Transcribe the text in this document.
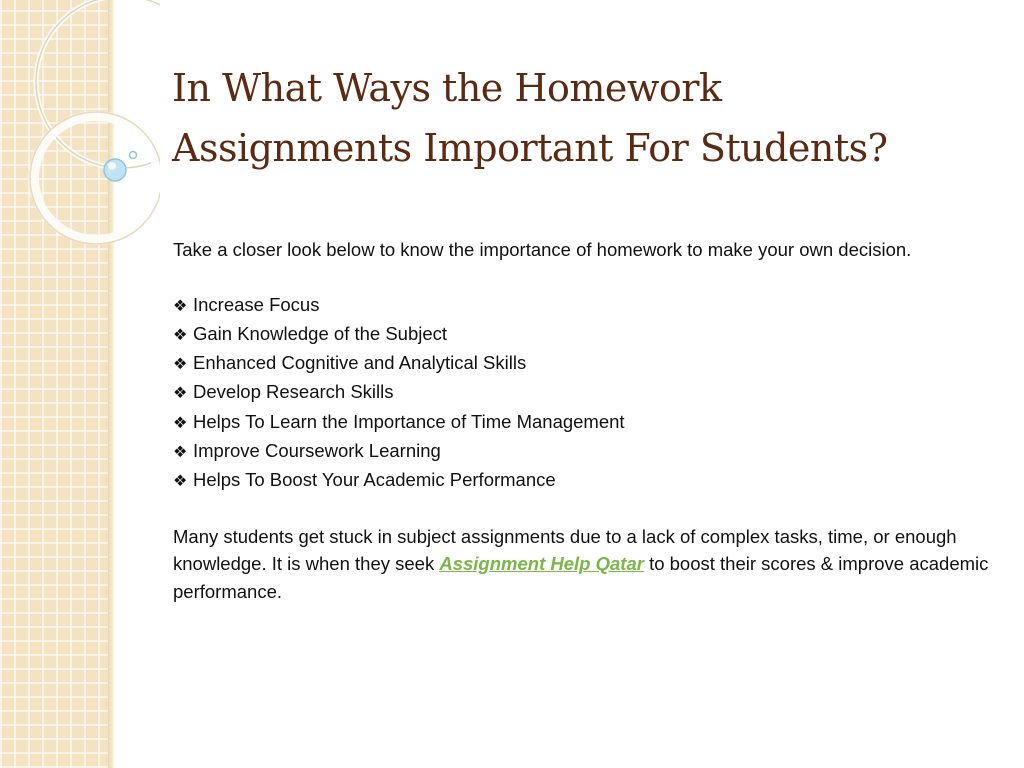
In What Ways the Homework
Assignments Important For Students?

Take a closer look below to know the importance of homework to make your own decision.

❖ Increase Focus
❖ Gain Knowledge of the Subject
❖ Enhanced Cognitive and Analytical Skills
❖ Develop Research Skills
❖ Helps To Learn the Importance of Time Management
❖ Improve Coursework Learning
❖ Helps To Boost Your Academic Performance

Many students get stuck in subject assignments due to a lack of complex tasks, time, or enough knowledge. It is when they seek Assignment Help Qatar to boost their scores & improve academic performance.
